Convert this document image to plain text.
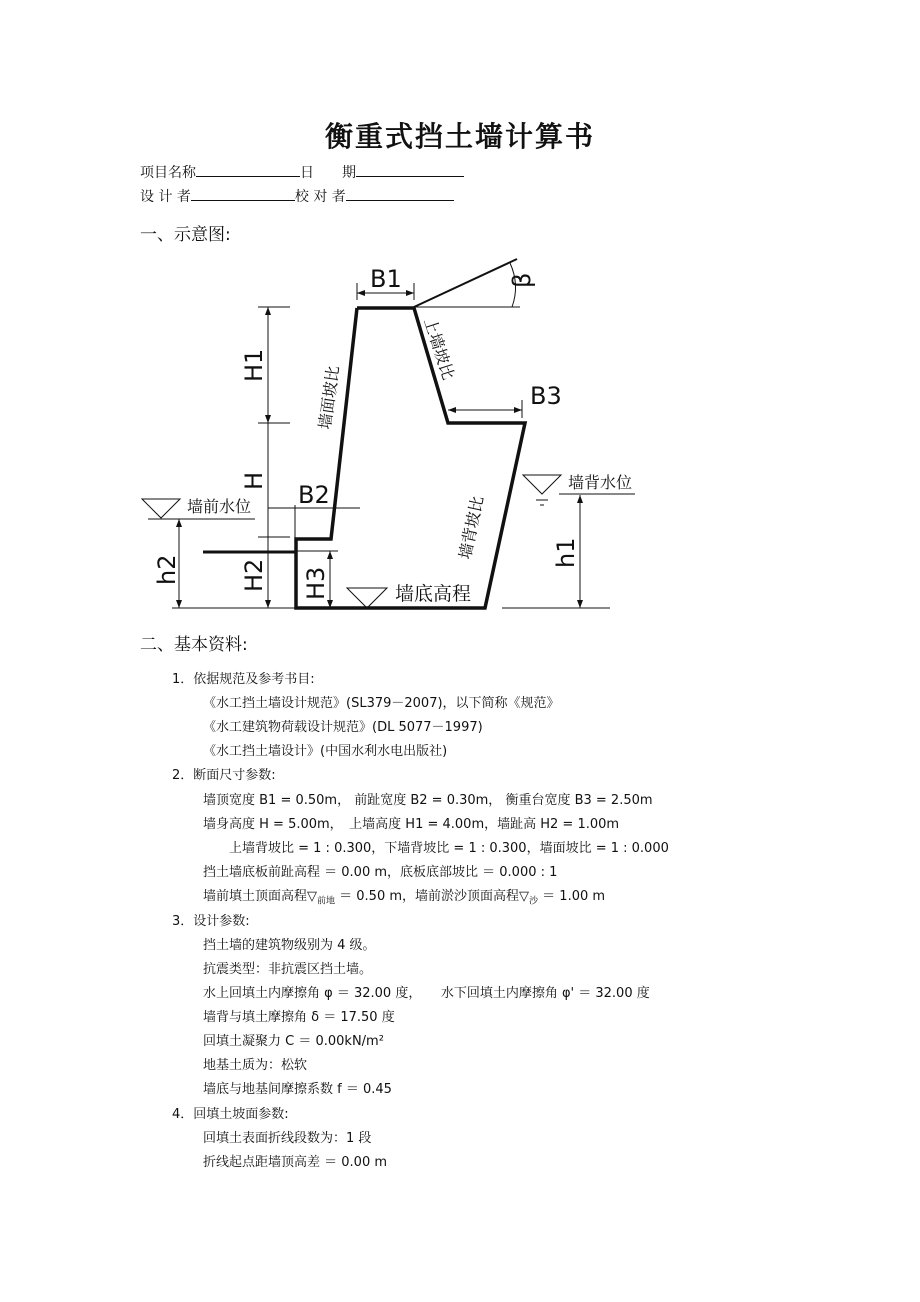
衡重式挡土墙计算书
项目名称	日　　期
设 计 者	校 对 者
一、示意图:
B1
B3
B2
H1
H
H2 H3
h2
h1
β
墙前水位
墙背水位
墙底高程
墙面坡比
上墙坡比
墙背坡比
二、基本资料:
1．依据规范及参考书目:
《水工挡土墙设计规范》(SL379－2007)，以下简称《规范》
《水工建筑物荷载设计规范》(DL 5077－1997)
《水工挡土墙设计》(中国水利水电出版社)
2．断面尺寸参数:
墙顶宽度 B1 = 0.50m， 前趾宽度 B2 = 0.30m， 衡重台宽度 B3 = 2.50m
墙身高度 H = 5.00m，　上墙高度 H1 = 4.00m，墙趾高 H2 = 1.00m
　　上墙背坡比 = 1 : 0.300，下墙背坡比 = 1 : 0.300，墙面坡比 = 1 : 0.000
挡土墙底板前趾高程 ＝ 0.00 m，底板底部坡比 ＝ 0.000 : 1
墙前填土顶面高程$▽_{前地} = 0.50$ m，墙前淤沙顶面高程$▽_沙 = 1.00$ m
3．设计参数:
挡土墙的建筑物级别为 4 级。
抗震类型：非抗震区挡土墙。
水上回填土内摩擦角 φ ＝ 32.00 度，　　水下回填土内摩擦角 φ' ＝ 32.00 度
墙背与填土摩擦角 δ ＝ 17.50 度
回填土凝聚力 C ＝ 0.00kN/m²
地基土质为：松软
墙底与地基间摩擦系数 f ＝ 0.45
4．回填土坡面参数:
回填土表面折线段数为：1 段
折线起点距墙顶高差 ＝ 0.00 m
